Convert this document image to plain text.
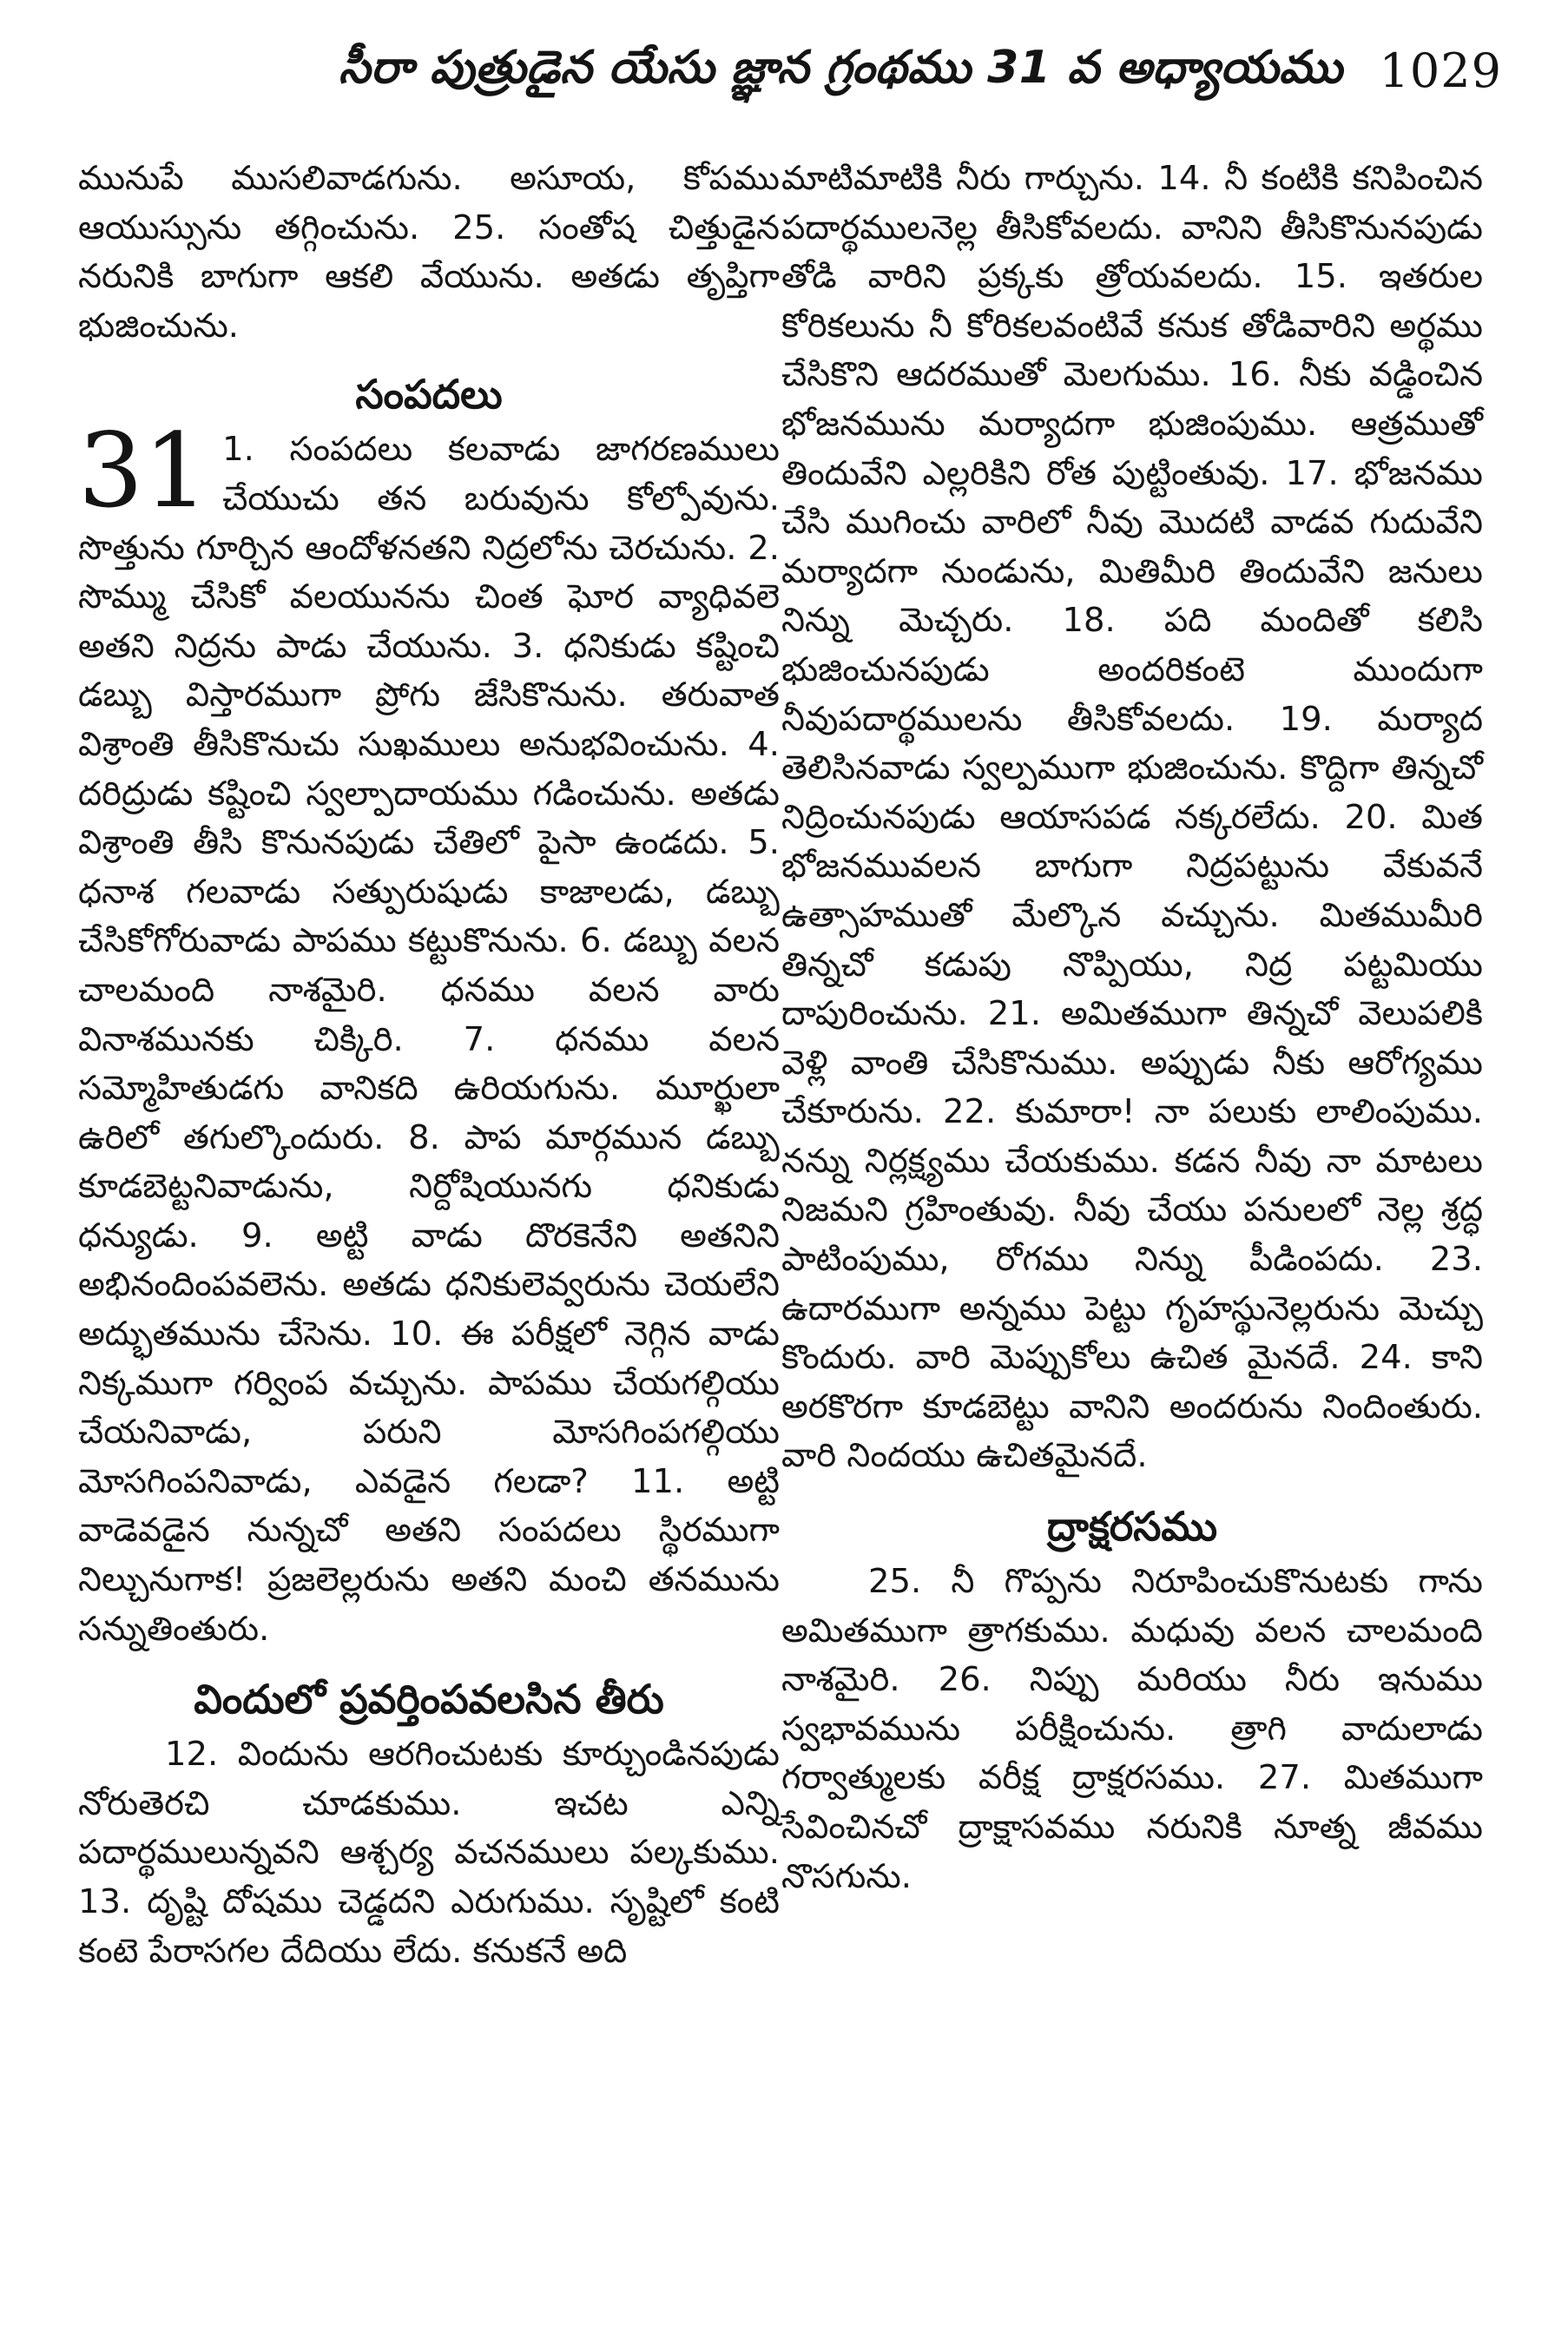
సీరా పుత్రుడైన యేసు జ్ఞాన గ్రంథము 31 వ అధ్యాయము 1029

మునుపే ముసలివాడగును. అసూయ, కోపము ఆయుస్సును తగ్గించును. 25. సంతోష చిత్తుడైన నరునికి బాగుగా ఆకలి వేయును. అతడు తృప్తిగా భుజించును.

సంపదలు
31 1. సంపదలు కలవాడు జాగరణములు చేయుచు తన బరువును కోల్పోవును. సొత్తును గూర్చిన ఆందోళనతని నిద్రలోను చెరచును. 2. సొమ్ము చేసికో వలయునను చింత ఘోర వ్యాధివలె అతని నిద్రను పాడు చేయును. 3. ధనికుడు కష్టించి డబ్బు విస్తారముగా ప్రోగు జేసికొనును. తరువాత విశ్రాంతి తీసికొనుచు సుఖములు అనుభవించును. 4. దరిద్రుడు కష్టించి స్వల్పాదాయము గడించును. అతడు విశ్రాంతి తీసి కొనునపుడు చేతిలో పైసా ఉండదు. 5. ధనాశ గలవాడు సత్పురుషుడు కాజాలడు, డబ్బు చేసికోగోరువాడు పాపము కట్టుకొనును. 6. డబ్బు వలన చాలమంది నాశమైరి. ధనము వలన వారు వినాశమునకు చిక్కిరి. 7. ధనము వలన సమ్మోహితుడగు వానికది ఉరియగును. మూర్ఖులా ఉరిలో తగుల్కొందురు. 8. పాప మార్గమున డబ్బు కూడబెట్టనివాడును, నిర్దోషియునగు ధనికుడు ధన్యుడు. 9. అట్టి వాడు దొరకెనేని అతనిని అభినందింపవలెను. అతడు ధనికులెవ్వరును చెయలేని అద్భుతమును చేసెను. 10. ఈ పరీక్షలో నెగ్గిన వాడు నిక్కముగా గర్వింప వచ్చును. పాపము చేయగల్గియు చేయనివాడు, పరుని మోసగింపగల్గియు మోసగింపనివాడు, ఎవడైన గలడా? 11. అట్టి వాడెవడైన నున్నచో అతని సంపదలు స్థిరముగా నిల్చునుగాక! ప్రజలెల్లరును అతని మంచి తనమును సన్నుతింతురు.

విందులో ప్రవర్తింపవలసిన తీరు

12. విందును ఆరగించుటకు కూర్చుండినపుడు నోరుతెరచి చూడకుము. ఇచట ఎన్ని పదార్థములున్నవని ఆశ్చర్య వచనములు పల్కకుము. 13. దృష్టి దోషము చెడ్డదని ఎరుగుము. సృష్టిలో కంటి కంటె పేరాసగల దేదియు లేదు. కనుకనే అది

మాటిమాటికి నీరు గార్చును. 14. నీ కంటికి కనిపించిన పదార్థములనెల్ల తీసికోవలదు. వానిని తీసికొనునపుడు తోడి వారిని ప్రక్కకు త్రోయవలదు. 15. ఇతరుల కోరికలును నీ కోరికలవంటివే కనుక తోడివారిని అర్థము చేసికొని ఆదరముతో మెలగుము. 16. నీకు వడ్డించిన భోజనమును మర్యాదగా భుజింపుము. ఆత్రముతో తిందువేని ఎల్లరికిని రోత పుట్టింతువు. 17. భోజనము చేసి ముగించు వారిలో నీవు మొదటి వాడవ గుదువేని మర్యాదగా నుండును, మితిమీరి తిందువేని జనులు నిన్ను మెచ్చరు. 18. పది మందితో కలిసి భుజించునపుడు అందరికంటె ముందుగా నీవుపదార్థములను తీసికోవలదు. 19. మర్యాద తెలిసినవాడు స్వల్పముగా భుజించును. కొద్దిగా తిన్నచో నిద్రించునపుడు ఆయాసపడ నక్కరలేదు. 20. మిత భోజనమువలన బాగుగా నిద్రపట్టును వేకువనే ఉత్సాహముతో మేల్కొన వచ్చును. మితముమీరి తిన్నచో కడుపు నొప్పియు, నిద్ర పట్టమియు దాపురించును. 21. అమితముగా తిన్నచో వెలుపలికి వెళ్లి వాంతి చేసికొనుము. అప్పుడు నీకు ఆరోగ్యము చేకూరును. 22. కుమారా! నా పలుకు లాలింపుము. నన్ను నిర్లక్ష్యము చేయకుము. కడన నీవు నా మాటలు నిజమని గ్రహింతువు. నీవు చేయు పనులలో నెల్ల శ్రద్ధ పాటింపుము, రోగము నిన్ను పీడింపదు. 23. ఉదారముగా అన్నము పెట్టు గృహస్థునెల్లరును మెచ్చు కొందురు. వారి మెప్పుకోలు ఉచిత మైనదే. 24. కాని అరకొరగా కూడబెట్టు వానిని అందరును నిందింతురు. వారి నిందయు ఉచితమైనదే.

ద్రాక్షరసము

25. నీ గొప్పను నిరూపించుకొనుటకు గాను అమితముగా త్రాగకుము. మధువు వలన చాలమంది నాశమైరి. 26. నిప్పు మరియు నీరు ఇనుము స్వభావమును పరీక్షించును. త్రాగి వాదులాడు గర్వాత్ములకు వరీక్ష ద్రాక్షరసము. 27. మితముగా సేవించినచో ద్రాక్షాసవము నరునికి నూత్న జీవము నొసగును.
